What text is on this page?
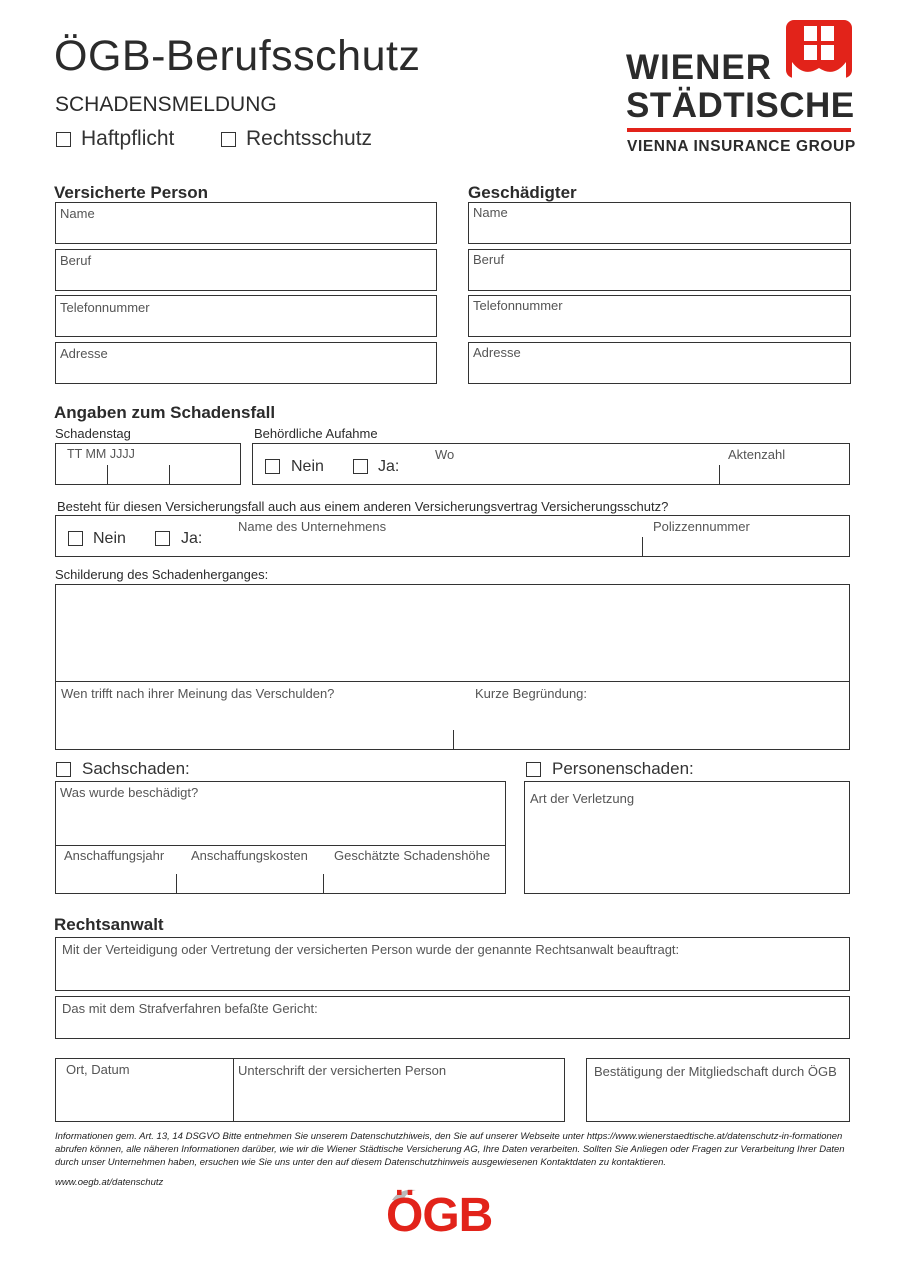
ÖGB-Berufsschutz
SCHADENSMELDUNG
Haftpflicht	Rechtsschutz
WIENER
STÄDTISCHE
VIENNA INSURANCE GROUP
Versicherte Person
Name
Beruf
Telefonnummer
Adresse
Geschädigter
Name
Beruf
Telefonnummer
Adresse
Angaben zum Schadensfall
Schadenstag	Behördliche Aufahme
TT MM JJJJ
Nein	Ja:
Wo	Aktenzahl
Besteht für diesen Versicherungsfall auch aus einem anderen Versicherungsvertrag Versicherungsschutz?
Nein	Ja:
Name des Unternehmens	Polizzennummer
Schilderung des Schadenherganges:
Wen trifft nach ihrer Meinung das Verschulden?	Kurze Begründung:
Sachschaden:
Was wurde beschädigt?
Anschaffungsjahr Anschaffungskosten Geschätzte Schadenshöhe
Personenschaden:
Art der Verletzung
Rechtsanwalt
Mit der Verteidigung oder Vertretung der versicherten Person wurde der genannte Rechtsanwalt beauftragt:
Das mit dem Strafverfahren befaßte Gericht:
Ort, Datum	Unterschrift der versicherten Person	Bestätigung der Mitgliedschaft durch ÖGB
Informationen gem. Art. 13, 14 DSGVO Bitte entnehmen Sie unserem Datenschutzhiweis, den Sie auf unserer Webseite unter https://www.wienerstaedtische.at/datenschutz-in-formationen abrufen können, alle näheren Informationen darüber, wie wir die Wiener Städtische Versicherung AG, Ihre Daten verarbeiten. Sollten Sie Anliegen oder Fragen zur Verarbeitung Ihrer Daten durch unser Unternehmen haben, ersuchen wie Sie uns unter den auf diesem Datenschutzhinweis ausgewiesenen Kontaktdaten zu kontaktieren.
www.oegb.at/datenschutz
ÖGB
